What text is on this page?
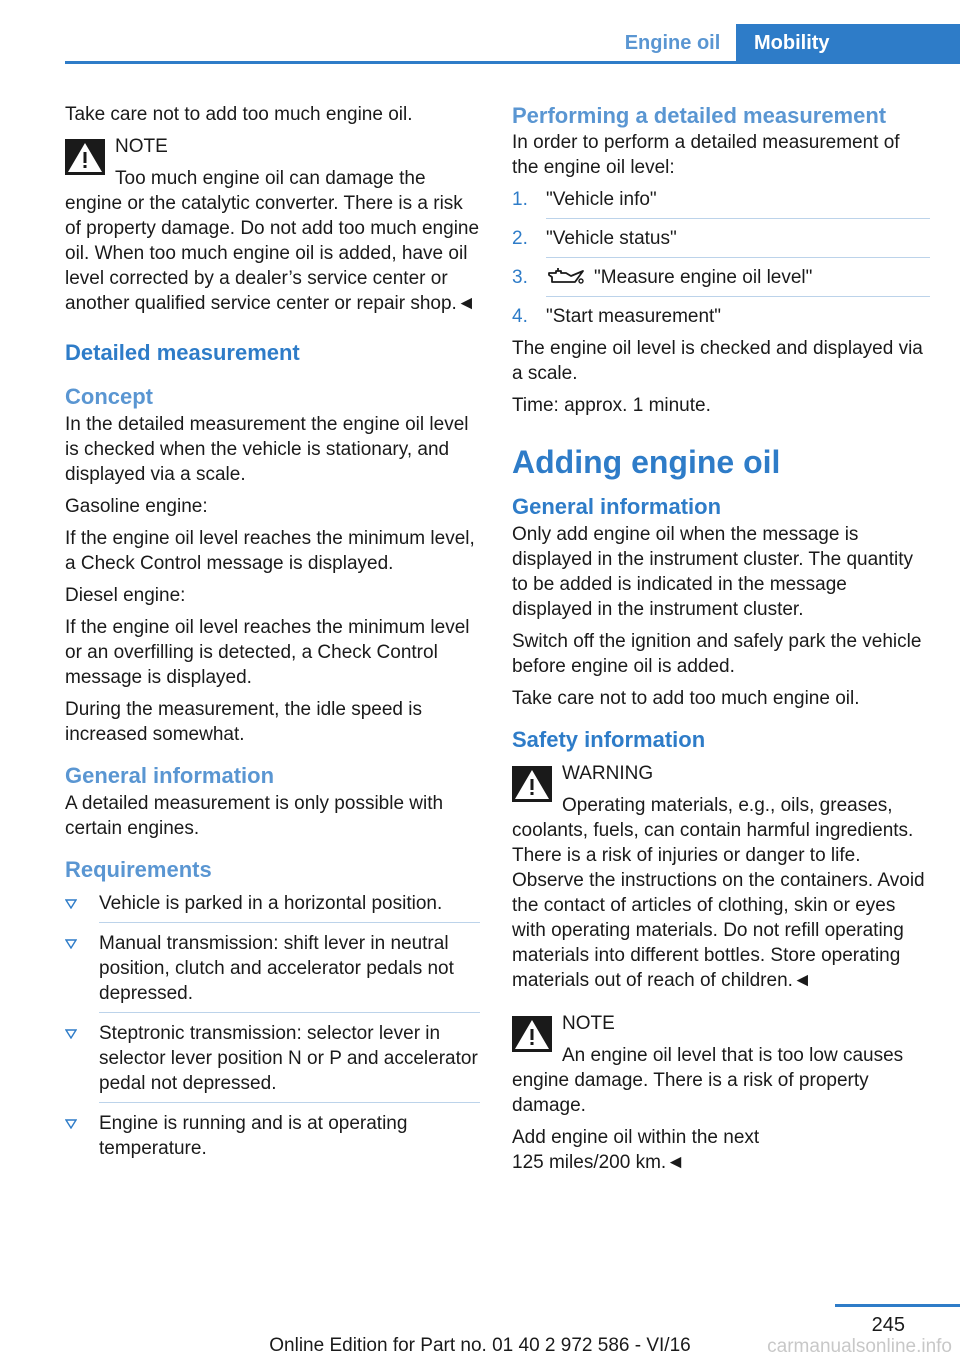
Engine oil	Mobility

Take care not to add too much engine oil.

NOTE
Too much engine oil can damage the engine or the catalytic converter. There is a risk of property damage. Do not add too much engine oil. When too much engine oil is added, have oil level corrected by a dealer’s service center or another qualified service center or repair shop.◄
Detailed measurement
Concept

In the detailed measurement the engine oil level is checked when the vehicle is stationary, and displayed via a scale.

Gasoline engine:

If the engine oil level reaches the minimum level, a Check Control message is displayed.

Diesel engine:

If the engine oil level reaches the minimum level or an overfilling is detected, a Check Control message is displayed.

During the measurement, the idle speed is increased somewhat.

General information

A detailed measurement is only possible with certain engines.

Requirements
Vehicle is parked in a horizontal position.
Manual transmission: shift lever in neutral position, clutch and accelerator pedals not depressed.
Steptronic transmission: selector lever in selector lever position N or P and accelerator pedal not depressed.
Engine is running and is at operating temperature.
Performing a detailed measurement

In order to perform a detailed measurement of the engine oil level:

1. "Vehicle info"
2. "Vehicle status"
3.	"Measure engine oil level"
4. "Start measurement"

The engine oil level is checked and displayed via a scale.

Time: approx. 1 minute.

Adding engine oil
General information

Only add engine oil when the message is displayed in the instrument cluster. The quantity to be added is indicated in the message displayed in the instrument cluster.

Switch off the ignition and safely park the vehicle before engine oil is added.

Take care not to add too much engine oil.

Safety information
WARNING
Operating materials, e.g., oils, greases, coolants, fuels, can contain harmful ingredients. There is a risk of injuries or danger to life. Observe the instructions on the containers. Avoid the contact of articles of clothing, skin or eyes with operating materials. Do not refill operating materials into different bottles. Store operating materials out of reach of children.◄
NOTE
An engine oil level that is too low causes engine damage. There is a risk of property damage.

Add engine oil within the next 125 miles/200 km.◄

245
Online Edition for Part no. 01 40 2 972 586 - VI/16	carmanualsonline.info
